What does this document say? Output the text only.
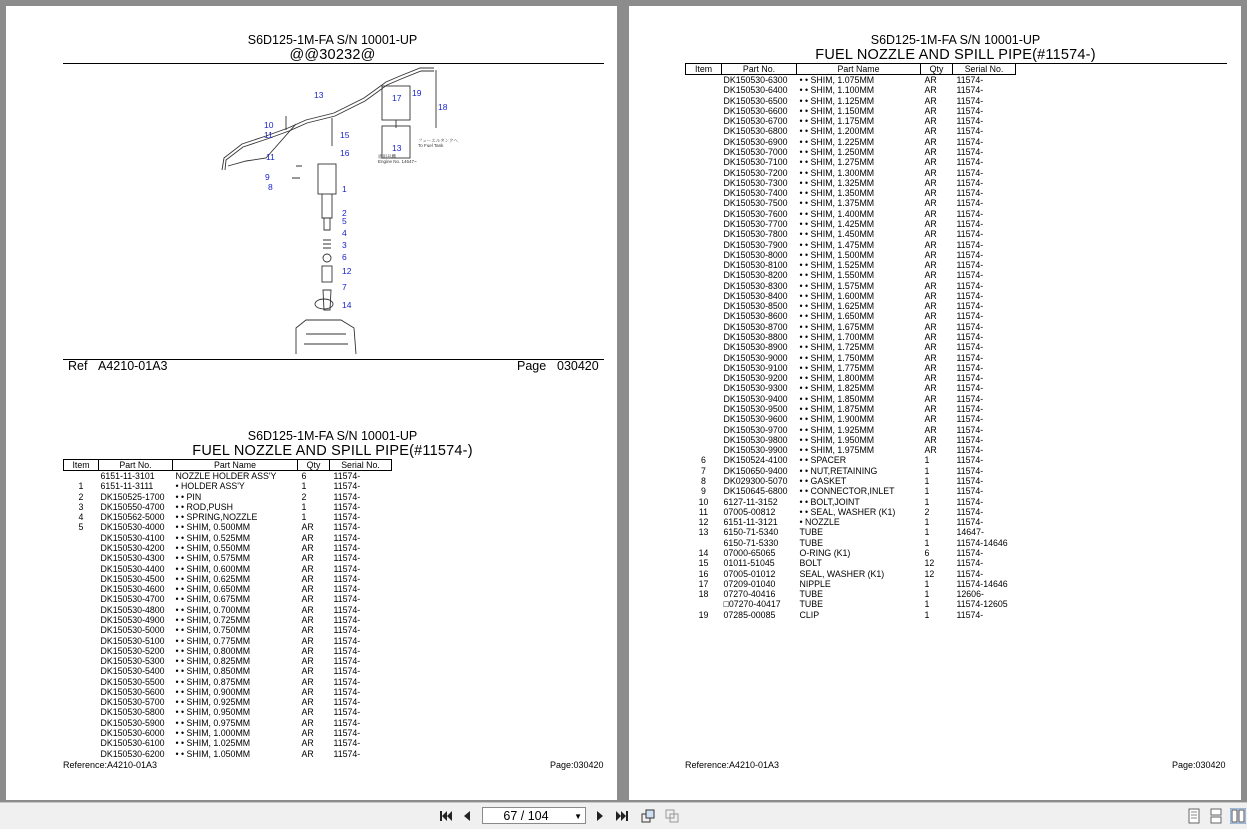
S6D125-1M-FA S/N 10001-UP
@@30232@
1
2
3
4
5
6
7
8
9
10
11
11
12
13
13
14
15
16
17
18
19
フューエルタンクへ
To Fuel Tank
適用号機
Engine No. 14647~
Ref A4210-01A3	Page 030420
S6D125-1M-FA S/N 10001-UP
FUEL NOZZLE AND SPILL PIPE(#11574-)
Item	Part No.	Part Name	Qty	Serial No.
	6151-11-3101	NOZZLE HOLDER ASS'Y	6	11574-
1	6151-11-3111	• HOLDER ASS'Y	1	11574-
2	DK150525-1700	• • PIN	2	11574-
3	DK150550-4700	• • ROD,PUSH	1	11574-
4	DK150562-5000	• • SPRING,NOZZLE	1	11574-
5	DK150530-4000	• • SHIM, 0.500MM	AR	11574-
	DK150530-4100	• • SHIM, 0.525MM	AR	11574-
	DK150530-4200	• • SHIM, 0.550MM	AR	11574-
	DK150530-4300	• • SHIM, 0.575MM	AR	11574-
	DK150530-4400	• • SHIM, 0.600MM	AR	11574-
	DK150530-4500	• • SHIM, 0.625MM	AR	11574-
	DK150530-4600	• • SHIM, 0.650MM	AR	11574-
	DK150530-4700	• • SHIM, 0.675MM	AR	11574-
	DK150530-4800	• • SHIM, 0.700MM	AR	11574-
	DK150530-4900	• • SHIM, 0.725MM	AR	11574-
	DK150530-5000	• • SHIM, 0.750MM	AR	11574-
	DK150530-5100	• • SHIM, 0.775MM	AR	11574-
	DK150530-5200	• • SHIM, 0.800MM	AR	11574-
	DK150530-5300	• • SHIM, 0.825MM	AR	11574-
	DK150530-5400	• • SHIM, 0.850MM	AR	11574-
	DK150530-5500	• • SHIM, 0.875MM	AR	11574-
	DK150530-5600	• • SHIM, 0.900MM	AR	11574-
	DK150530-5700	• • SHIM, 0.925MM	AR	11574-
	DK150530-5800	• • SHIM, 0.950MM	AR	11574-
	DK150530-5900	• • SHIM, 0.975MM	AR	11574-
	DK150530-6000	• • SHIM, 1.000MM	AR	11574-
	DK150530-6100	• • SHIM, 1.025MM	AR	11574-
	DK150530-6200	• • SHIM, 1.050MM	AR	11574-
Reference:A4210-01A3	Page:030420
S6D125-1M-FA S/N 10001-UP
FUEL NOZZLE AND SPILL PIPE(#11574-)
Item	Part No.	Part Name	Qty	Serial No.
	DK150530-6300	• • SHIM, 1.075MM	AR	11574-
	DK150530-6400	• • SHIM, 1.100MM	AR	11574-
	DK150530-6500	• • SHIM, 1.125MM	AR	11574-
	DK150530-6600	• • SHIM, 1.150MM	AR	11574-
	DK150530-6700	• • SHIM, 1.175MM	AR	11574-
	DK150530-6800	• • SHIM, 1.200MM	AR	11574-
	DK150530-6900	• • SHIM, 1.225MM	AR	11574-
	DK150530-7000	• • SHIM, 1.250MM	AR	11574-
	DK150530-7100	• • SHIM, 1.275MM	AR	11574-
	DK150530-7200	• • SHIM, 1.300MM	AR	11574-
	DK150530-7300	• • SHIM, 1.325MM	AR	11574-
	DK150530-7400	• • SHIM, 1.350MM	AR	11574-
	DK150530-7500	• • SHIM, 1.375MM	AR	11574-
	DK150530-7600	• • SHIM, 1.400MM	AR	11574-
	DK150530-7700	• • SHIM, 1.425MM	AR	11574-
	DK150530-7800	• • SHIM, 1.450MM	AR	11574-
	DK150530-7900	• • SHIM, 1.475MM	AR	11574-
	DK150530-8000	• • SHIM, 1.500MM	AR	11574-
	DK150530-8100	• • SHIM, 1.525MM	AR	11574-
	DK150530-8200	• • SHIM, 1.550MM	AR	11574-
	DK150530-8300	• • SHIM, 1.575MM	AR	11574-
	DK150530-8400	• • SHIM, 1.600MM	AR	11574-
	DK150530-8500	• • SHIM, 1.625MM	AR	11574-
	DK150530-8600	• • SHIM, 1.650MM	AR	11574-
	DK150530-8700	• • SHIM, 1.675MM	AR	11574-
	DK150530-8800	• • SHIM, 1.700MM	AR	11574-
	DK150530-8900	• • SHIM, 1.725MM	AR	11574-
	DK150530-9000	• • SHIM, 1.750MM	AR	11574-
	DK150530-9100	• • SHIM, 1.775MM	AR	11574-
	DK150530-9200	• • SHIM, 1.800MM	AR	11574-
	DK150530-9300	• • SHIM, 1.825MM	AR	11574-
	DK150530-9400	• • SHIM, 1.850MM	AR	11574-
	DK150530-9500	• • SHIM, 1.875MM	AR	11574-
	DK150530-9600	• • SHIM, 1.900MM	AR	11574-
	DK150530-9700	• • SHIM, 1.925MM	AR	11574-
	DK150530-9800	• • SHIM, 1.950MM	AR	11574-
	DK150530-9900	• • SHIM, 1.975MM	AR	11574-
6	DK150524-4100	• • SPACER	1	11574-
7	DK150650-9400	• • NUT,RETAINING	1	11574-
8	DK029300-5070	• • GASKET	1	11574-
9	DK150645-6800	• • CONNECTOR,INLET	1	11574-
10	6127-11-3152	• • BOLT,JOINT	1	11574-
11	07005-00812	• • SEAL, WASHER (K1)	2	11574-
12	6151-11-3121	• NOZZLE	1	11574-
13	6150-71-5340	TUBE	1	14647-
	6150-71-5330	TUBE	1	11574-14646
14	07000-65065	O-RING (K1)	6	11574-
15	01011-51045	BOLT	12	11574-
16	07005-01012	SEAL, WASHER (K1)	12	11574-
17	07209-01040	NIPPLE	1	11574-14646
18	07270-40416	TUBE	1	12606-
	□07270-40417	TUBE	1	11574-12605
19	07285-00085	CLIP	1	11574-
Reference:A4210-01A3	Page:030420
67 / 104	▼
